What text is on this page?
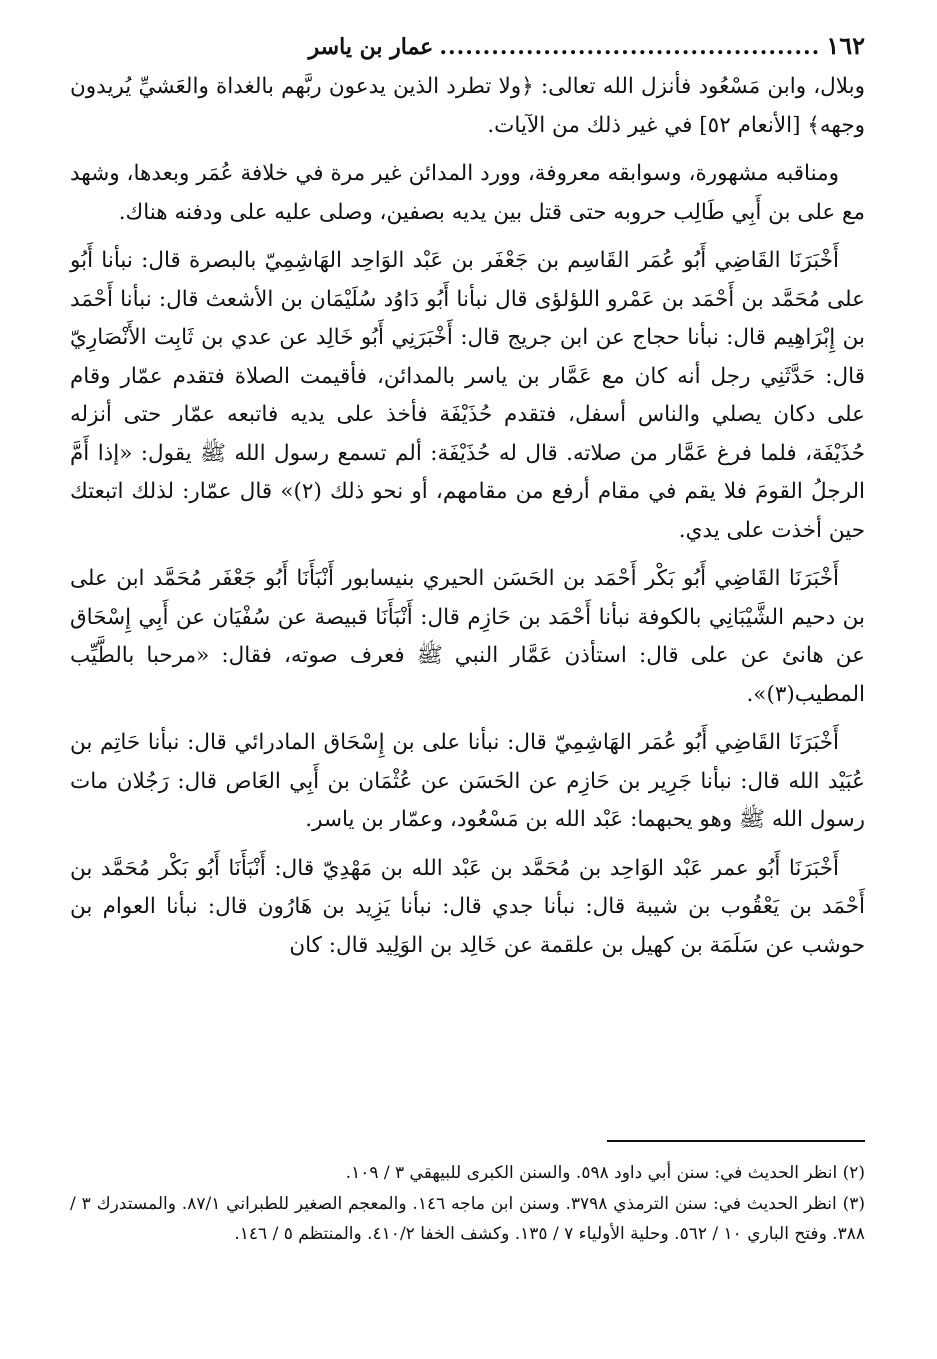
١٦٢
............................................
عمار بن ياسر

وبلال، وابن مَسْعُود فأنزل الله تعالى: ﴿ولا تطرد الذين يدعون ربَّهم بالغداة والعَشيِّ يُريدون وجهه﴾ [الأنعام ٥٢] في غير ذلك من الآيات.

ومناقبه مشهورة، وسوابقه معروفة، وورد المدائن غير مرة في خلافة عُمَر وبعدها، وشهد مع على بن أَبِي طَالِب حروبه حتى قتل بين يديه بصفين، وصلى عليه على ودفنه هناك.

أَخْبَرَنَا القَاضِي أَبُو عُمَر القَاسِم بن جَعْفَر بن عَبْد الوَاحِد الهَاشِمِيّ بالبصرة قال: نبأنا أَبُو على مُحَمَّد بن أَحْمَد بن عَمْرو اللؤلؤى قال نبأنا أَبُو دَاوُد سُلَيْمَان بن الأشعث قال: نبأنا أَحْمَد بن إِبْرَاهِيم قال: نبأنا حجاج عن ابن جريج قال: أَخْبَرَنِي أَبُو خَالِد عن عدي بن ثَابِت الأَنْصَارِيّ قال: حَدَّثَنِي رجل أنه كان مع عَمَّار بن ياسر بالمدائن، فأقيمت الصلاة فتقدم عمّار وقام على دكان يصلي والناس أسفل، فتقدم حُذَيْفَة فأخذ على يديه فاتبعه عمّار حتى أنزله حُذَيْفَة، فلما فرغ عَمَّار من صلاته. قال له حُذَيْفَة: ألم تسمع رسول الله ﷺ يقول: «إذا أَمَّ الرجلُ القومَ فلا يقم في مقام أرفع من مقامهم، أو نحو ذلك (٢)» قال عمّار: لذلك اتبعتك حين أخذت على يدي.

أَخْبَرَنَا القَاضِي أَبُو بَكْر أَحْمَد بن الحَسَن الحيري بنيسابور أَنْبَأَنَا أَبُو جَعْفَر مُحَمَّد ابن على بن دحيم الشَّيْبَانِي بالكوفة نبأنا أَحْمَد بن حَازِم قال: أَنْبَأَنَا قبيصة عن سُفْيَان عن أَبِي إِسْحَاق عن هانئ عن على قال: استأذن عَمَّار النبي ﷺ فعرف صوته، فقال: «مرحبا بالطَّيِّب المطيب(٣)».

أَخْبَرَنَا القَاضِي أَبُو عُمَر الهَاشِمِيّ قال: نبأنا على بن إِسْحَاق المادرائي قال: نبأنا حَاتِم بن عُبَيْد الله قال: نبأنا جَرِير بن حَازِم عن الحَسَن عن عُثْمَان بن أَبِي العَاص قال: رَجُلان مات رسول الله ﷺ وهو يحبهما: عَبْد الله بن مَسْعُود، وعمّار بن ياسر.

أَخْبَرَنَا أَبُو عمر عَبْد الوَاحِد بن مُحَمَّد بن عَبْد الله بن مَهْدِيّ قال: أَنْبَأَنَا أَبُو بَكْر مُحَمَّد بن أَحْمَد بن يَعْقُوب بن شيبة قال: نبأنا جدي قال: نبأنا يَزِيد بن هَارُون قال: نبأنا العوام بن حوشب عن سَلَمَة بن كهيل بن علقمة عن خَالِد بن الوَلِيد قال: كان

(٢) انظر الحديث في: سنن أبي داود ٥٩٨. والسنن الكبرى للبيهقي ٣ / ١٠٩.

(٣) انظر الحديث في: سنن الترمذي ٣٧٩٨. وسنن ابن ماجه ١٤٦. والمعجم الصغير للطبراني ٨٧/١. والمستدرك ٣ / ٣٨٨. وفتح الباري ١٠ / ٥٦٢. وحلية الأولياء ٧ / ١٣٥. وكشف الخفا ٤١٠/٢. والمنتظم ٥ / ١٤٦.
